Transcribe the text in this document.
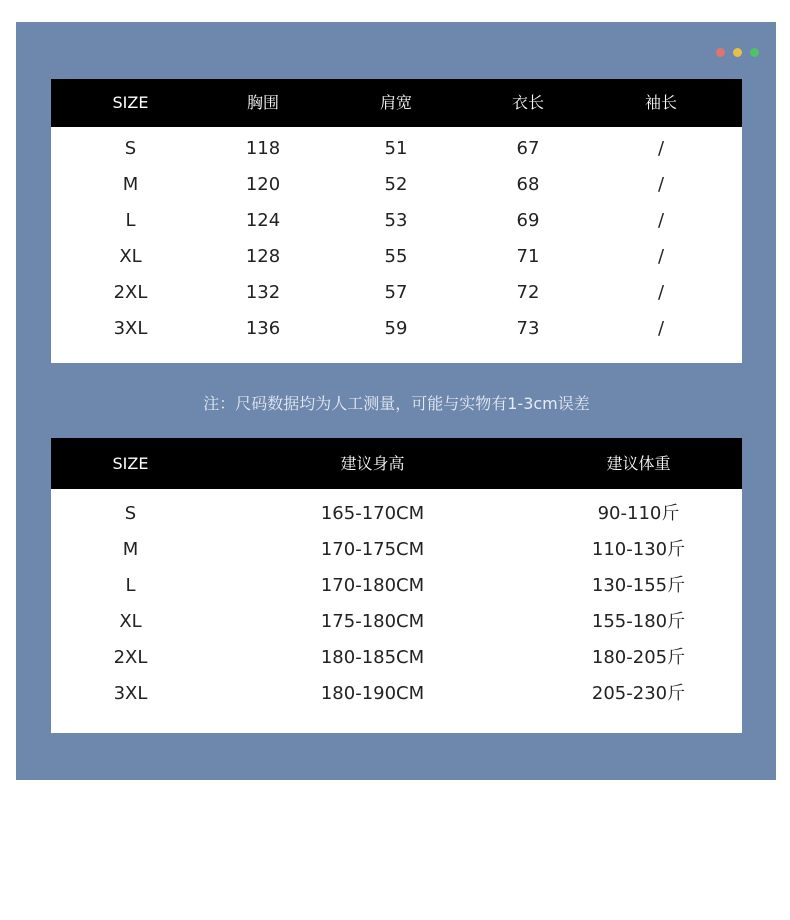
SIZE	胸围	肩宽	衣长	袖长
S	118	51	67	/
M	120	52	68	/
L	124	53	69	/
XL	128	55	71	/
2XL	132	57	72	/
3XL	136	59	73	/
注：尺码数据均为人工测量，可能与实物有1-3cm误差
SIZE	建议身高	建议体重
S	165-170CM	90-110斤
M	170-175CM	110-130斤
L	170-180CM	130-155斤
XL	175-180CM	155-180斤
2XL	180-185CM	180-205斤
3XL	180-190CM	205-230斤
